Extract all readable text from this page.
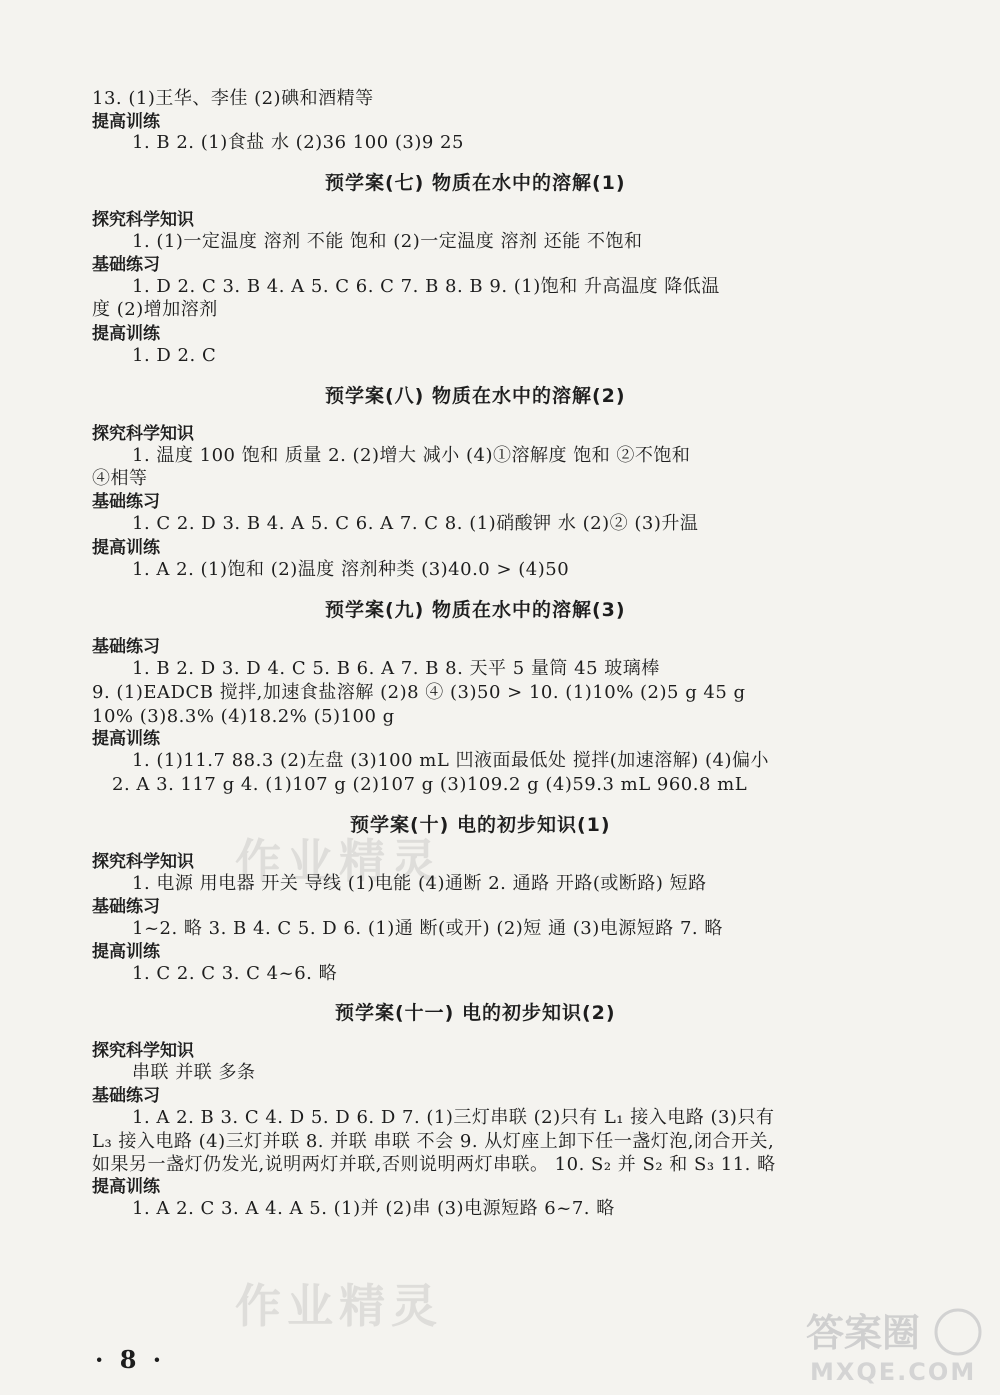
作业精灵
作业精灵
13. (1)王华、李佳 (2)碘和酒精等
提高训练
1. B 2. (1)食盐 水 (2)36 100 (3)9 25
预学案(七) 物质在水中的溶解(1)
探究科学知识
1. (1)一定温度 溶剂 不能 饱和 (2)一定温度 溶剂 还能 不饱和
基础练习
1. D 2. C 3. B 4. A 5. C 6. C 7. B 8. B 9. (1)饱和 升高温度 降低温
度 (2)增加溶剂
提高训练
1. D 2. C
预学案(八) 物质在水中的溶解(2)
探究科学知识
1. 温度 100 饱和 质量 2. (2)增大 减小 (4)①溶解度 饱和 ②不饱和
④相等
基础练习
1. C 2. D 3. B 4. A 5. C 6. A 7. C 8. (1)硝酸钾 水 (2)② (3)升温
提高训练
1. A 2. (1)饱和 (2)温度 溶剂种类 (3)40.0 > (4)50
预学案(九) 物质在水中的溶解(3)
基础练习
1. B 2. D 3. D 4. C 5. B 6. A 7. B 8. 天平 5 量筒 45 玻璃棒
9. (1)EADCB 搅拌,加速食盐溶解 (2)8 ④ (3)50 > 10. (1)10% (2)5 g 45 g
10% (3)8.3% (4)18.2% (5)100 g
提高训练
1. (1)11.7 88.3 (2)左盘 (3)100 mL 凹液面最低处 搅拌(加速溶解) (4)偏小
2. A 3. 117 g 4. (1)107 g (2)107 g (3)109.2 g (4)59.3 mL 960.8 mL
预学案(十) 电的初步知识(1)
探究科学知识
1. 电源 用电器 开关 导线 (1)电能 (4)通断 2. 通路 开路(或断路) 短路
基础练习
1~2. 略 3. B 4. C 5. D 6. (1)通 断(或开) (2)短 通 (3)电源短路 7. 略
提高训练
1. C 2. C 3. C 4~6. 略
预学案(十一) 电的初步知识(2)
探究科学知识
串联 并联 多条
基础练习
1. A 2. B 3. C 4. D 5. D 6. D 7. (1)三灯串联 (2)只有 L₁ 接入电路 (3)只有
L₃ 接入电路 (4)三灯并联 8. 并联 串联 不会 9. 从灯座上卸下任一盏灯泡,闭合开关,
如果另一盏灯仍发光,说明两灯并联,否则说明两灯串联。 10. S₂ 并 S₂ 和 S₃ 11. 略
提高训练
1. A 2. C 3. A 4. A 5. (1)并 (2)串 (3)电源短路 6~7. 略
· 8 ·
答案圈
MXQE.COM
